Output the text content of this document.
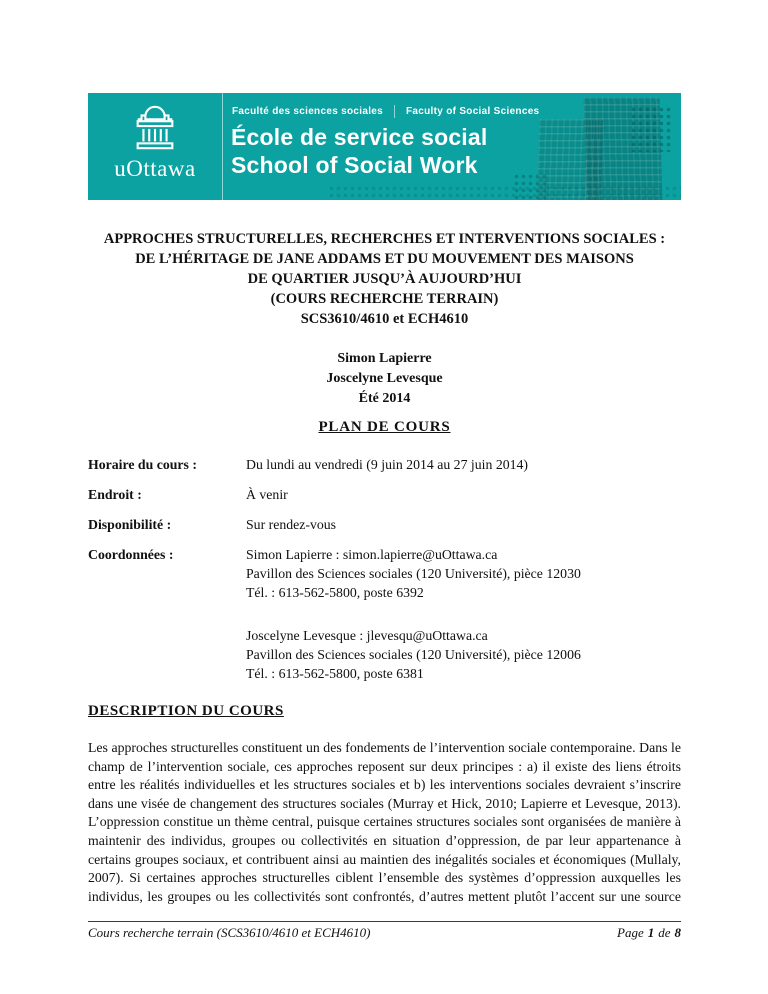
uOttawa
Faculté des sciences sociales Faculty of Social Sciences
École de service social
School of Social Work
APPROCHES STRUCTURELLES, RECHERCHES ET INTERVENTIONS SOCIALES :
DE L’HÉRITAGE DE JANE ADDAMS ET DU MOUVEMENT DES MAISONS
DE QUARTIER JUSQU’À AUJOURD’HUI
(COURS RECHERCHE TERRAIN)
SCS3610/4610 et ECH4610
Simon Lapierre
Joscelyne Levesque
Été 2014
PLAN DE COURS
Horaire du cours :	Du lundi au vendredi (9 juin 2014 au 27 juin 2014)
Endroit :	À venir
Disponibilité :	Sur rendez-vous
Coordonnées :	Simon Lapierre : simon.lapierre@uOttawa.ca
Pavillon des Sciences sociales (120 Université), pièce 12030
Tél. : 613-562-5800, poste 6392
Joscelyne Levesque : jlevesqu@uOttawa.ca
Pavillon des Sciences sociales (120 Université), pièce 12006
Tél. : 613-562-5800, poste 6381
DESCRIPTION DU COURS
Les approches structurelles constituent un des fondements de l’intervention sociale contemporaine. Dans le champ de l’intervention sociale, ces approches reposent sur deux principes : a) il existe des liens étroits entre les réalités individuelles et les structures sociales et b) les interventions sociales devraient s’inscrire dans une visée de changement des structures sociales (Murray et Hick, 2010; Lapierre et Levesque, 2013). L’oppression constitue un thème central, puisque certaines structures sociales sont organisées de manière à maintenir des individus, groupes ou collectivités en situation d’oppression, de par leur appartenance à certains groupes sociaux, et contribuent ainsi au maintien des inégalités sociales et économiques (Mullaly, 2007). Si certaines approches structurelles ciblent l’ensemble des systèmes d’oppression auxquelles les individus, les groupes ou les collectivités sont confrontés, d’autres mettent plutôt l’accent sur une source
Cours recherche terrain (SCS3610/4610 et ECH4610)	Page 1 de 8
